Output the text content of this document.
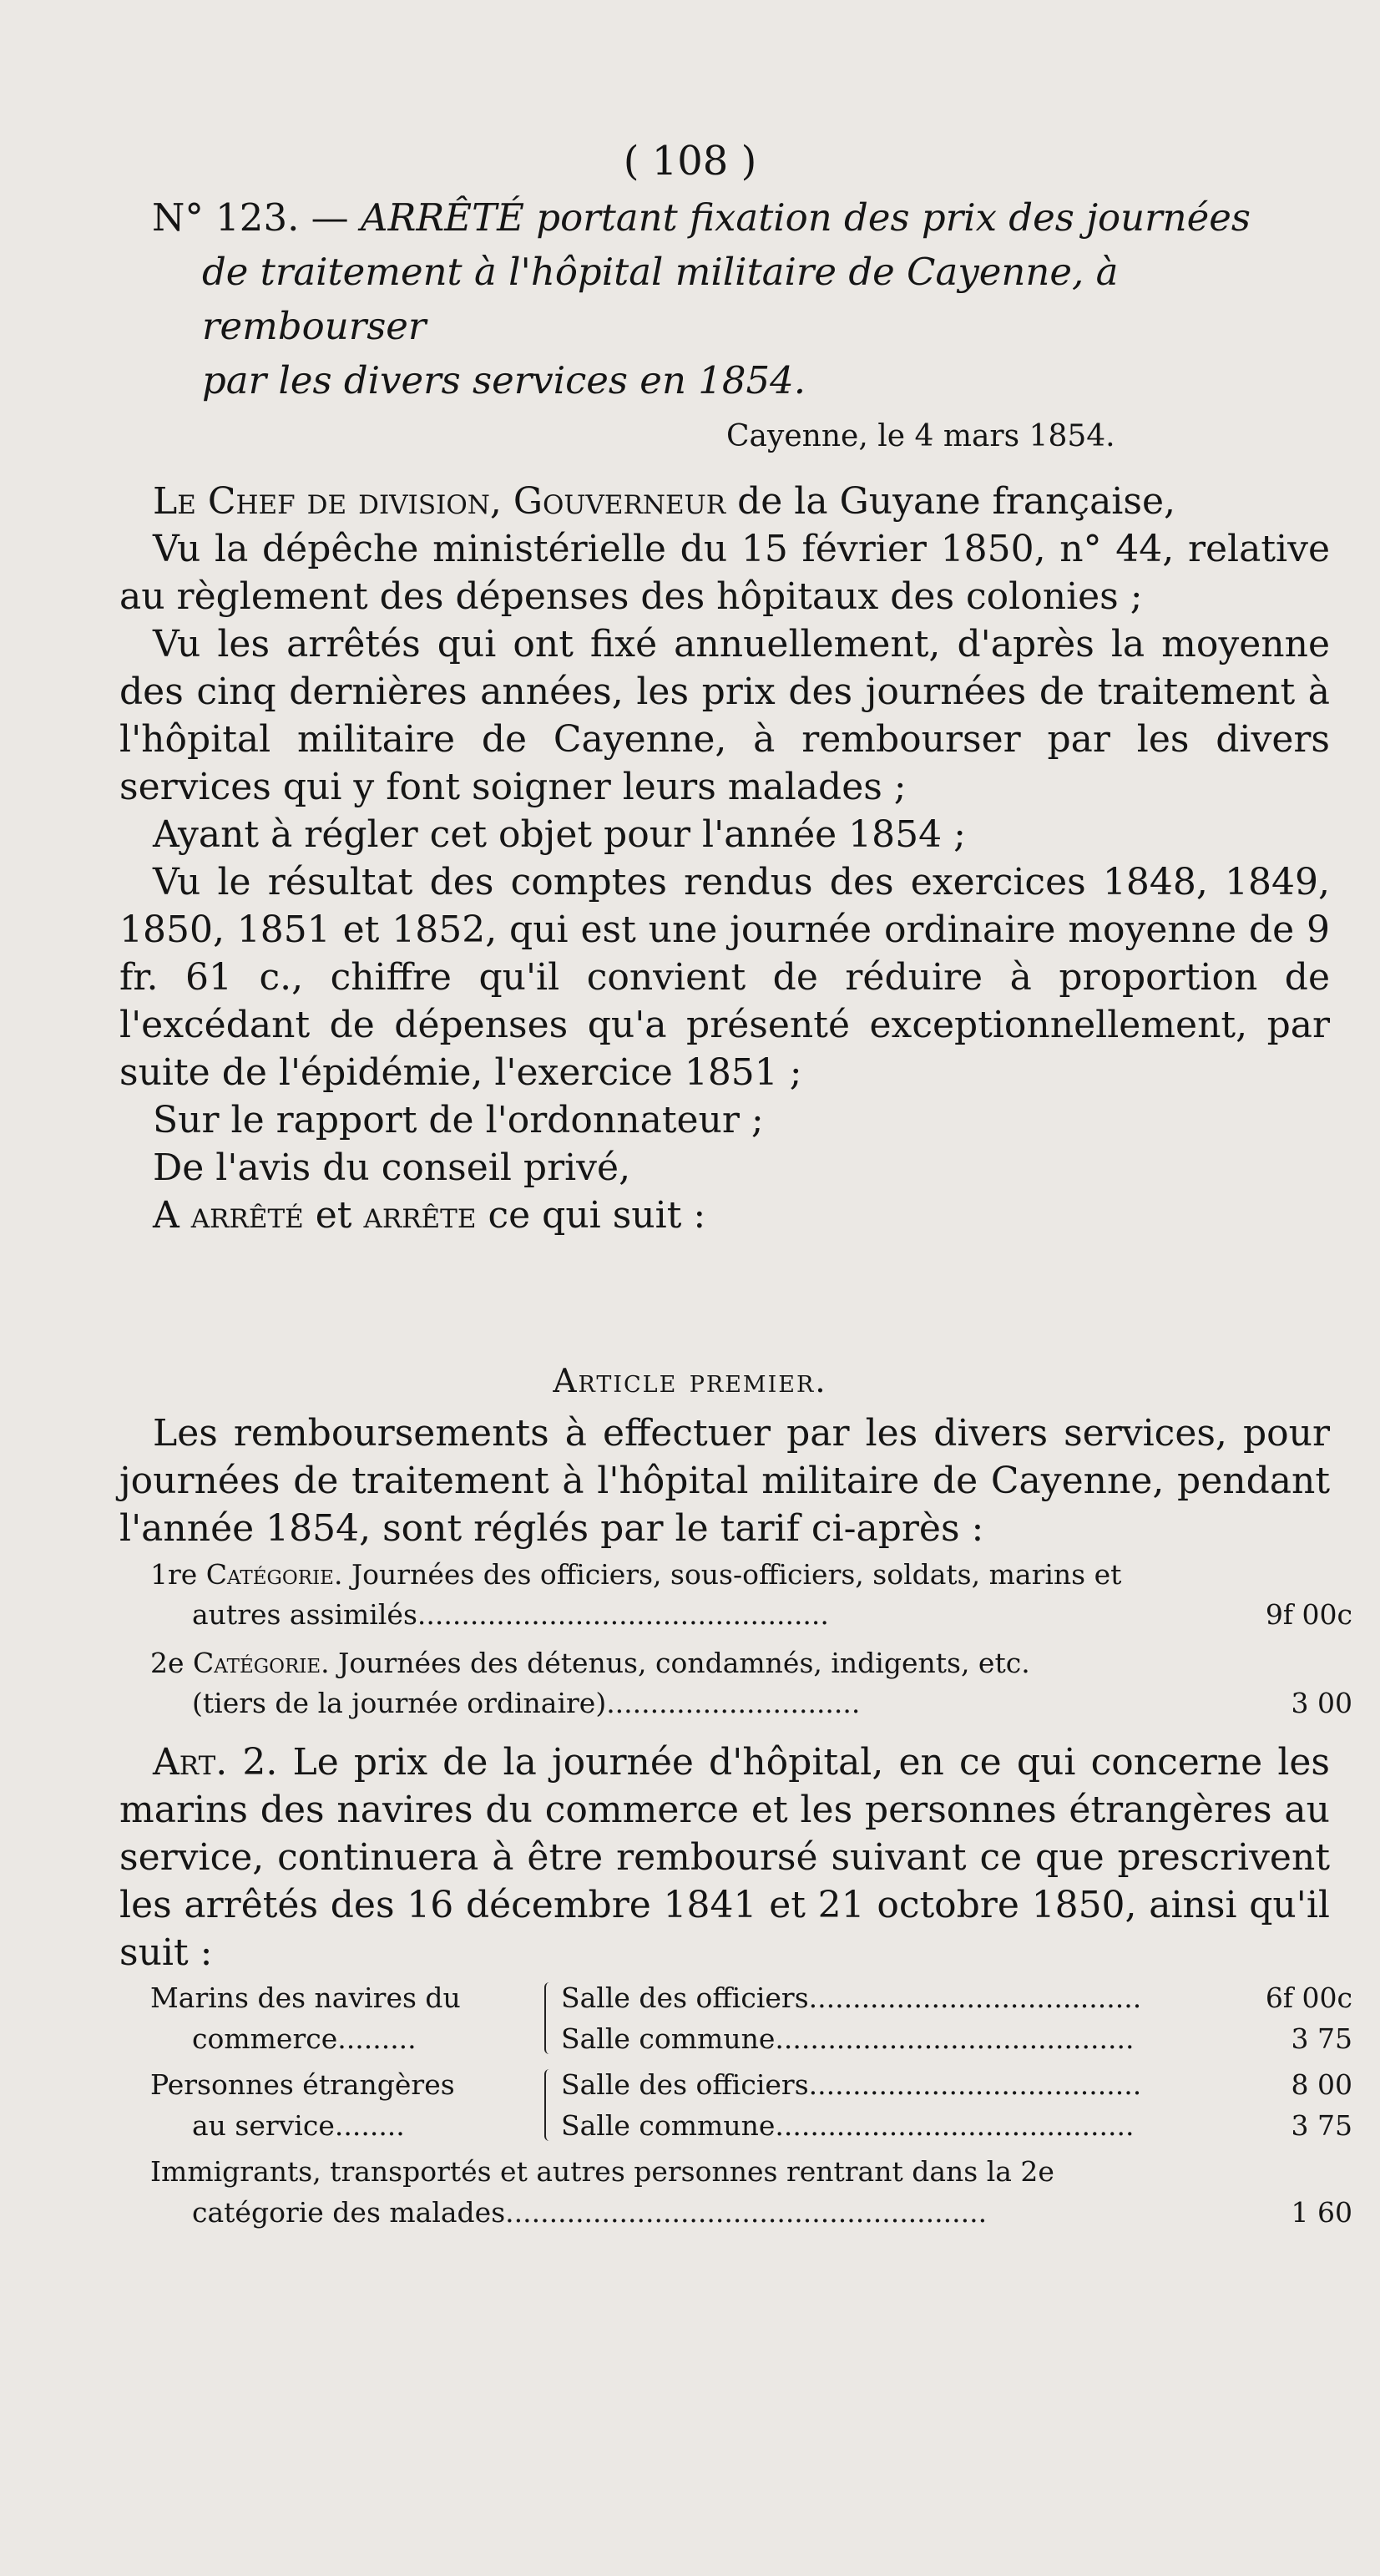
( 108 )
N° 123. — ARRÊTÉ portant fixation des prix des journées
de traitement à l'hôpital militaire de Cayenne, à rembourser
par les divers services en 1854.
Cayenne, le 4 mars 1854.

Le Chef de division, Gouverneur de la Guyane française,

Vu la dépêche ministérielle du 15 février 1850, n° 44, relative au règlement des dépenses des hôpitaux des colonies ;

Vu les arrêtés qui ont fixé annuellement, d'après la moyenne des cinq dernières années, les prix des journées de traitement à l'hôpital militaire de Cayenne, à rembourser par les divers services qui y font soigner leurs malades ;

Ayant à régler cet objet pour l'année 1854 ;

Vu le résultat des comptes rendus des exercices 1848, 1849, 1850, 1851 et 1852, qui est une journée ordinaire moyenne de 9 fr. 61 c., chiffre qu'il convient de réduire à proportion de l'excédant de dépenses qu'a présenté exceptionnellement, par suite de l'épidémie, l'exercice 1851 ;

Sur le rapport de l'ordonnateur ;

De l'avis du conseil privé,

A arrêté et arrête ce qui suit :

Article premier.

Les remboursements à effectuer par les divers services, pour journées de traitement à l'hôpital militaire de Cayenne, pendant l'année 1854, sont réglés par le tarif ci-après :

1re Catégorie. Journées des officiers, sous-officiers, soldats, marins et
autres assimilés...............................................	9f 00c
2e Catégorie. Journées des détenus, condamnés, indigents, etc.
(tiers de la journée ordinaire).............................	3 00

Art. 2. Le prix de la journée d'hôpital, en ce qui concerne les marins des navires du commerce et les personnes étrangères au service, continuera à être remboursé suivant ce que prescrivent les arrêtés des 16 décembre 1841 et 21 octobre 1850, ainsi qu'il suit :

Marins des navires du
commerce.........
Salle des officiers......................................	6f 00c
Salle commune.........................................	3 75
Personnes étrangères
au service........
Salle des officiers......................................	8 00
Salle commune.........................................	3 75
Immigrants, transportés et autres personnes rentrant dans la 2e
catégorie des malades.......................................................	1 60
